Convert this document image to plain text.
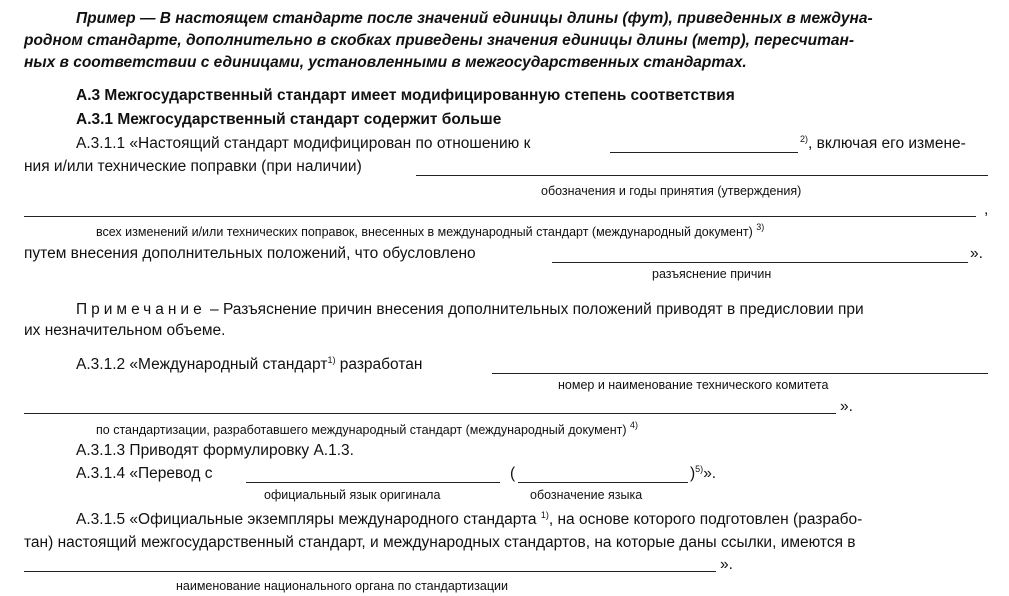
Пример — В настоящем стандарте после значений единицы длины (фут), приведенных в междуна-
родном стандарте, дополнительно в скобках приведены значения единицы длины (метр), пересчитан-
ных в соответствии с единицами, установленными в межгосударственных стандартах.
А.3 Межгосударственный стандарт имеет модифицированную степень соответствия
А.3.1 Межгосударственный стандарт содержит больше
А.3.1.1 «Настоящий стандарт модифицирован по отношению к	$^{2)}$, включая его измене-
ния и/или технические поправки (при наличии)
обозначения и годы принятия (утверждения)
,
всех изменений и/или технических поправок, внесенных в международный стандарт (международный документ) $^{3)}$
путем внесения дополнительных положений, что обусловлено	».
разъяснение причин
Примечание – Разъяснение причин внесения дополнительных положений приводят в предисловии при
их незначительном объеме.
А.3.1.2 «Международный стандарт$^{1)}$ разработан
номер и наименование технического комитета
».
по стандартизации, разработавшего международный стандарт (международный документ) $^{4)}$
А.3.1.3 Приводят формулировку А.1.3.
А.3.1.4 «Перевод с	(	)$^{5)}$».
официальный язык оригинала	обозначение языка
А.3.1.5 «Официальные экземпляры международного стандарта $^{1)}$, на основе которого подготовлен (разрабо-
тан) настоящий межгосударственный стандарт, и международных стандартов, на которые даны ссылки, имеются в
».
наименование национального органа по стандартизации
